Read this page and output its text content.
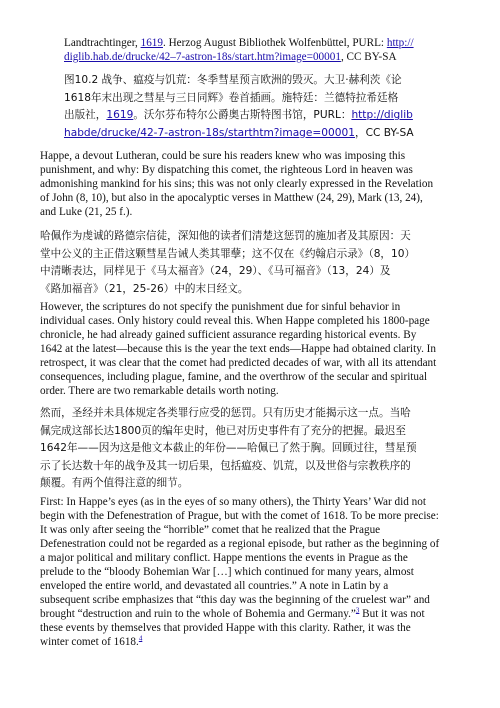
Landtrachtinger, 1619. Herzog August Bibliothek Wolfenbüttel, PURL: http://
diglib.hab.de/drucke/42–7-astron-18s/start.htm?image=00001, CC BY-SA
图10.2 战争、瘟疫与饥荒：冬季彗星预言欧洲的毁灭。大卫·赫利茨《论
1618年末出现之彗星与三日同辉》卷首插画。施特廷：兰德特拉希廷格
出版社，1619。沃尔芬布特尔公爵奥古斯特图书馆，PURL：http://diglib
habde/drucke/42-7-astron-18s/starthtm?image=00001，CC BY-SA
Happe, a devout Lutheran, could be sure his readers knew who was imposing this
punishment, and why: By dispatching this comet, the righteous Lord in heaven was
admonishing mankind for his sins; this was not only clearly expressed in the Revelation
of John (8, 10), but also in the apocalyptic verses in Matthew (24, 29), Mark (13, 24),
and Luke (21, 25 f.).
哈佩作为虔诚的路德宗信徒，深知他的读者们清楚这惩罚的施加者及其原因：天
堂中公义的主正借这颗彗星告诫人类其罪孽；这不仅在《约翰启示录》（8，10）
中清晰表达，同样见于《马太福音》（24，29）、《马可福音》（13，24）及
《路加福音》（21，25-26）中的末日经文。
However, the scriptures do not specify the punishment due for sinful behavior in
individual cases. Only history could reveal this. When Happe completed his 1800-page
chronicle, he had already gained sufficient assurance regarding historical events. By
1642 at the latest—because this is the year the text ends—Happe had obtained clarity. In
retrospect, it was clear that the comet had predicted decades of war, with all its attendant
consequences, including plague, famine, and the overthrow of the secular and spiritual
order. There are two remarkable details worth noting.
然而，圣经并未具体规定各类罪行应受的惩罚。只有历史才能揭示这一点。当哈
佩完成这部长达1800页的编年史时，他已对历史事件有了充分的把握。最迟至
1642年——因为这是他文本截止的年份——哈佩已了然于胸。回顾过往，彗星预
示了长达数十年的战争及其一切后果，包括瘟疫、饥荒，以及世俗与宗教秩序的
颠覆。有两个值得注意的细节。
First: In Happe’s eyes (as in the eyes of so many others), the Thirty Years’ War did not
begin with the Defenestration of Prague, but with the comet of 1618. To be more precise:
It was only after seeing the “horrible” comet that he realized that the Prague
Defenestration could not be regarded as a regional episode, but rather as the beginning of
a major political and military conflict. Happe mentions the events in Prague as the
prelude to the “bloody Bohemian War […] which continued for many years, almost
enveloped the entire world, and devastated all countries.” A note in Latin by a
subsequent scribe emphasizes that “this day was the beginning of the cruelest war” and
brought “destruction and ruin to the whole of Bohemia and Germany.”$^3$ But it was not
these events by themselves that provided Happe with this clarity. Rather, it was the
winter comet of 1618.$^4$
